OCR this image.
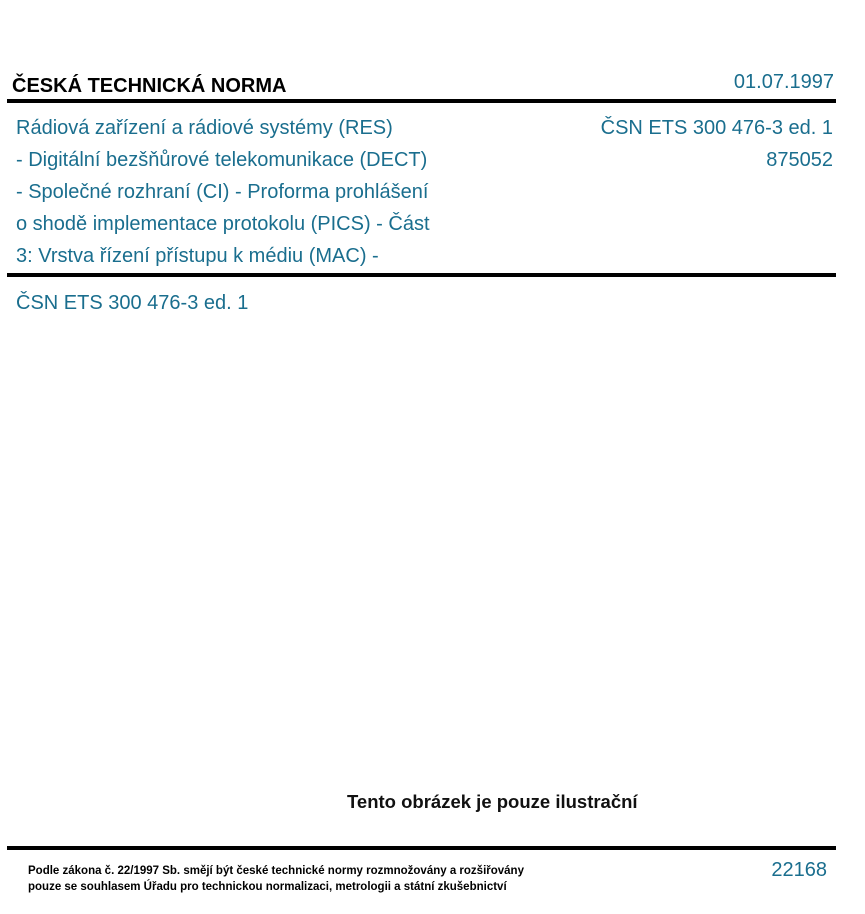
ČESKÁ TECHNICKÁ NORMA	01.07.1997
Rádiová zařízení a rádiové systémy (RES)
- Digitální bezšňůrové telekomunikace (DECT)
- Společné rozhraní (CI) - Proforma prohlášení
o shodě implementace protokolu (PICS) - Část
3: Vrstva řízení přístupu k médiu (MAC) -
ČSN ETS 300 476-3 ed. 1
875052
ČSN ETS 300 476-3 ed. 1
Tento obrázek je pouze ilustrační
Podle zákona č. 22/1997 Sb. smějí být české technické normy rozmnožovány a rozšiřovány
pouze se souhlasem Úřadu pro technickou normalizaci, metrologii a státní zkušebnictví
22168
